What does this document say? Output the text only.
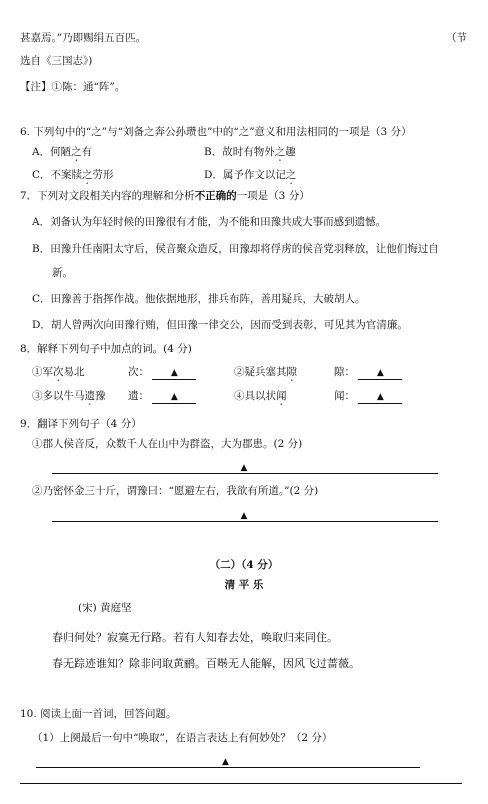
甚嘉焉。”乃即赐绢五百匹。	（节
选自《三国志》)
【注】①陈：通“阵”。
6. 下列句中的“之”与“刘备之奔公孙瓒也”中的“之”意义和用法相同的一项是（3 分）
A．何陋之有	B．故时有物外之趣
C．不案牍之劳形	D．属予作文以记之
7．下列对文段相关内容的理解和分析不正确的一项是（3 分）
A．刘备认为年轻时候的田豫很有才能，为不能和田豫共成大事而感到遗憾。
B．田豫升任南阳太守后，侯音聚众造反，田豫却将俘虏的侯音党羽释放，让他们悔过自
新。
C．田豫善于指挥作战。他依据地形，排兵布阵，善用疑兵，大破胡人。
D．胡人曾两次向田豫行贿，但田豫一律交公，因而受到表彰，可见其为官清廉。
8．解释下列句子中加点的词。(4 分)
①军次易北	次： ▲	②疑兵塞其隙	隙： ▲
③多以牛马遗豫 遗： ▲	④具以状闻	闻： ▲
9．翻译下列句子（4 分）
①郡人侯音反，众数千人在山中为群盗，大为郡患。(2 分)
▲
②乃密怀金三十斤，谓豫曰：“愿避左右，我欲有所道。”(2 分)
▲
（二）（4 分）
清 平 乐
(宋) 黄庭坚
春归何处？寂寞无行路。若有人知春去处，唤取归来同住。
春无踪迹谁知？除非问取黄鹂。百啭无人能解，因风飞过蔷薇。
10. 阅读上面一首词，回答问题。
（1）上阕最后一句中“唤取”，在语言表达上有何妙处？（2 分）
▲
